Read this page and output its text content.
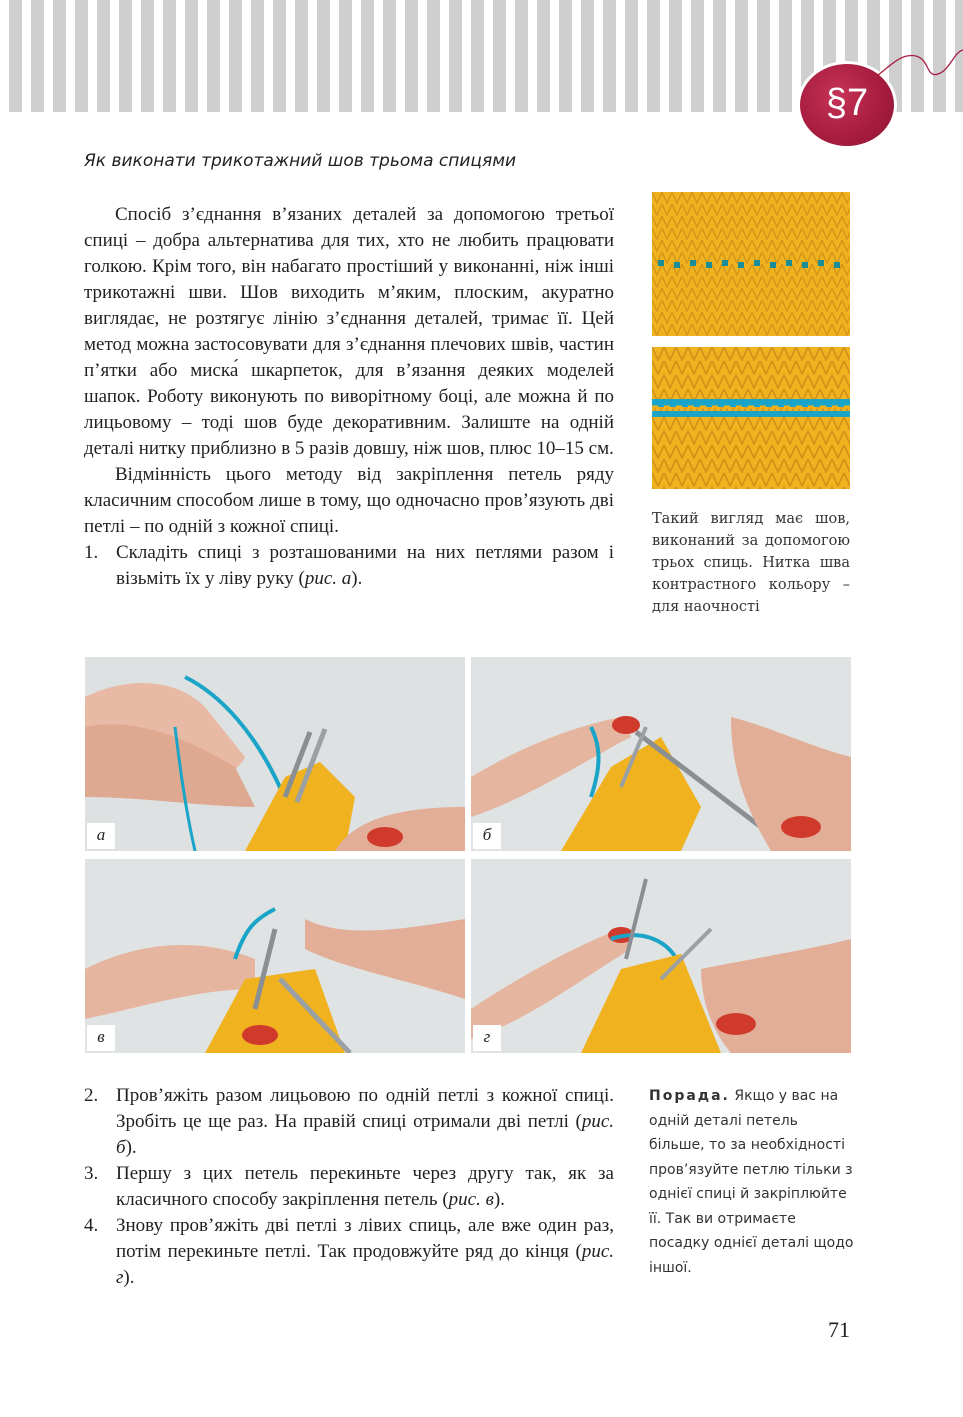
§7
Як виконати трикотажний шов трьома спицями

Спосіб з’єднання в’язаних деталей за допомогою третьої спиці – добра альтернатива для тих, хто не любить працювати голкою. Крім того, він набагато простіший у виконанні, ніж інші трикотажні шви. Шов виходить м’яким, плоским, акуратно виглядає, не розтягує лінію з’єднання деталей, тримає її. Цей метод можна застосовувати для з’єднання плечових швів, частин п’ятки або миска́ шкарпеток, для в’язання деяких моделей шапок. Роботу виконують по виворітному боці, але можна й по лицьовому – тоді шов буде декоративним. Залиште на одній деталі нитку приблизно в 5 разів довшу, ніж шов, плюс 10–15 см.

Відмінність цього методу від закріплення петель ряду класичним способом лише в тому, що одночасно пров’язують дві петлі – по одній з кожної спиці.

1. Складіть спиці з розташованими на них петлями разом і візьміть їх у ліву руку (рис. а).
Такий вигляд має шов, виконаний за допомогою трьох спиць. Нитка шва контрастного кольору – для наочності
а	б
в	г
2. Пров’яжіть разом лицьовою по одній петлі з кожної спиці. Зробіть це ще раз. На правій спиці отримали дві петлі (рис. б).
3. Першу з цих петель перекиньте через другу так, як за класичного способу закріплення петель (рис. в).
4. Знову пров’яжіть дві петлі з лівих спиць, але вже один раз, потім перекиньте петлі. Так продовжуйте ряд до кінця (рис. г).
Порада. Якщо у вас на одній деталі петель більше, то за необхідності пров’язуйте петлю тільки з однієї спиці й закріплюйте її. Так ви отримаєте посадку однієї деталі щодо іншої.
71
